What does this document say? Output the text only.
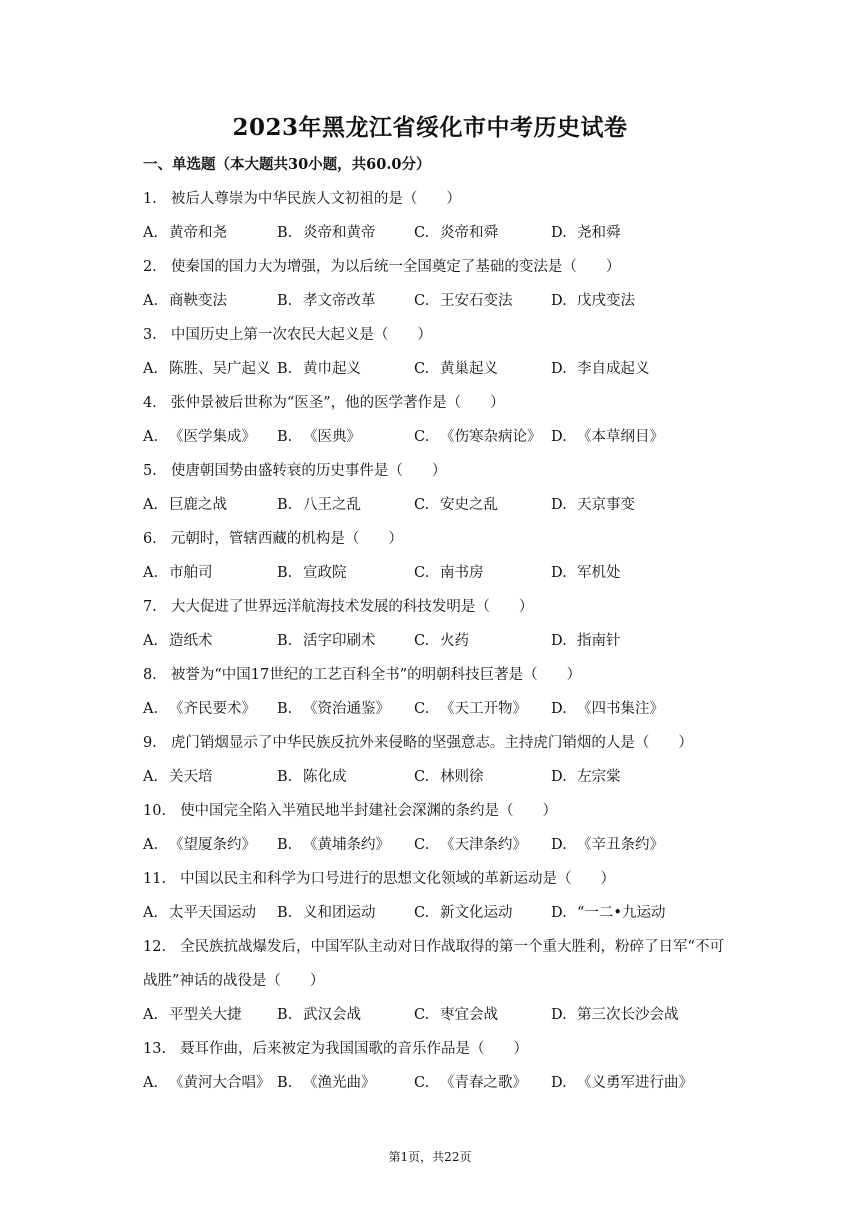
2023年黑龙江省绥化市中考历史试卷
一、单选题（本大题共30小题，共60.0分）
1. 被后人尊崇为中华民族人文初祖的是（　　）
A. 黄帝和尧	B. 炎帝和黄帝	C. 炎帝和舜	D. 尧和舜
2. 使秦国的国力大为增强，为以后统一全国奠定了基础的变法是（　　）
A. 商鞅变法	B. 孝文帝改革	C. 王安石变法	D. 戊戌变法
3. 中国历史上第一次农民大起义是（　　）
A. 陈胜、吴广起义 B. 黄巾起义	C. 黄巢起义	D. 李自成起义
4. 张仲景被后世称为“医圣”，他的医学著作是（　　）
A. 《医学集成》 B. 《医典》	C. 《伤寒杂病论》 D. 《本草纲目》
5. 使唐朝国势由盛转衰的历史事件是（　　）
A. 巨鹿之战	B. 八王之乱	C. 安史之乱	D. 天京事变
6. 元朝时，管辖西藏的机构是（　　）
A. 市舶司	B. 宣政院	C. 南书房	D. 军机处
7. 大大促进了世界远洋航海技术发展的科技发明是（　　）
A. 造纸术	B. 活字印刷术	C. 火药	D. 指南针
8. 被誉为“中国17世纪的工艺百科全书”的明朝科技巨著是（　　）
A. 《齐民要术》 B. 《资治通鉴》 C. 《天工开物》 D. 《四书集注》
9. 虎门销烟显示了中华民族反抗外来侵略的坚强意志。主持虎门销烟的人是（　　）
A. 关天培	B. 陈化成	C. 林则徐	D. 左宗棠
10. 使中国完全陷入半殖民地半封建社会深渊的条约是（　　）
A. 《望厦条约》 B. 《黄埔条约》 C. 《天津条约》 D. 《辛丑条约》
11. 中国以民主和科学为口号进行的思想文化领域的革新运动是（　　）
A. 太平天国运动 B. 义和团运动	C. 新文化运动	D. “一二•九运动
12. 全民族抗战爆发后，中国军队主动对日作战取得的第一个重大胜利，粉碎了日军“不可
战胜”神话的战役是（　　）
A. 平型关大捷 B. 武汉会战	C. 枣宜会战	D. 第三次长沙会战
13. 聂耳作曲，后来被定为我国国歌的音乐作品是（　　）
A. 《黄河大合唱》 B. 《渔光曲》	C. 《青春之歌》 D. 《义勇军进行曲》
第1页，共22页
